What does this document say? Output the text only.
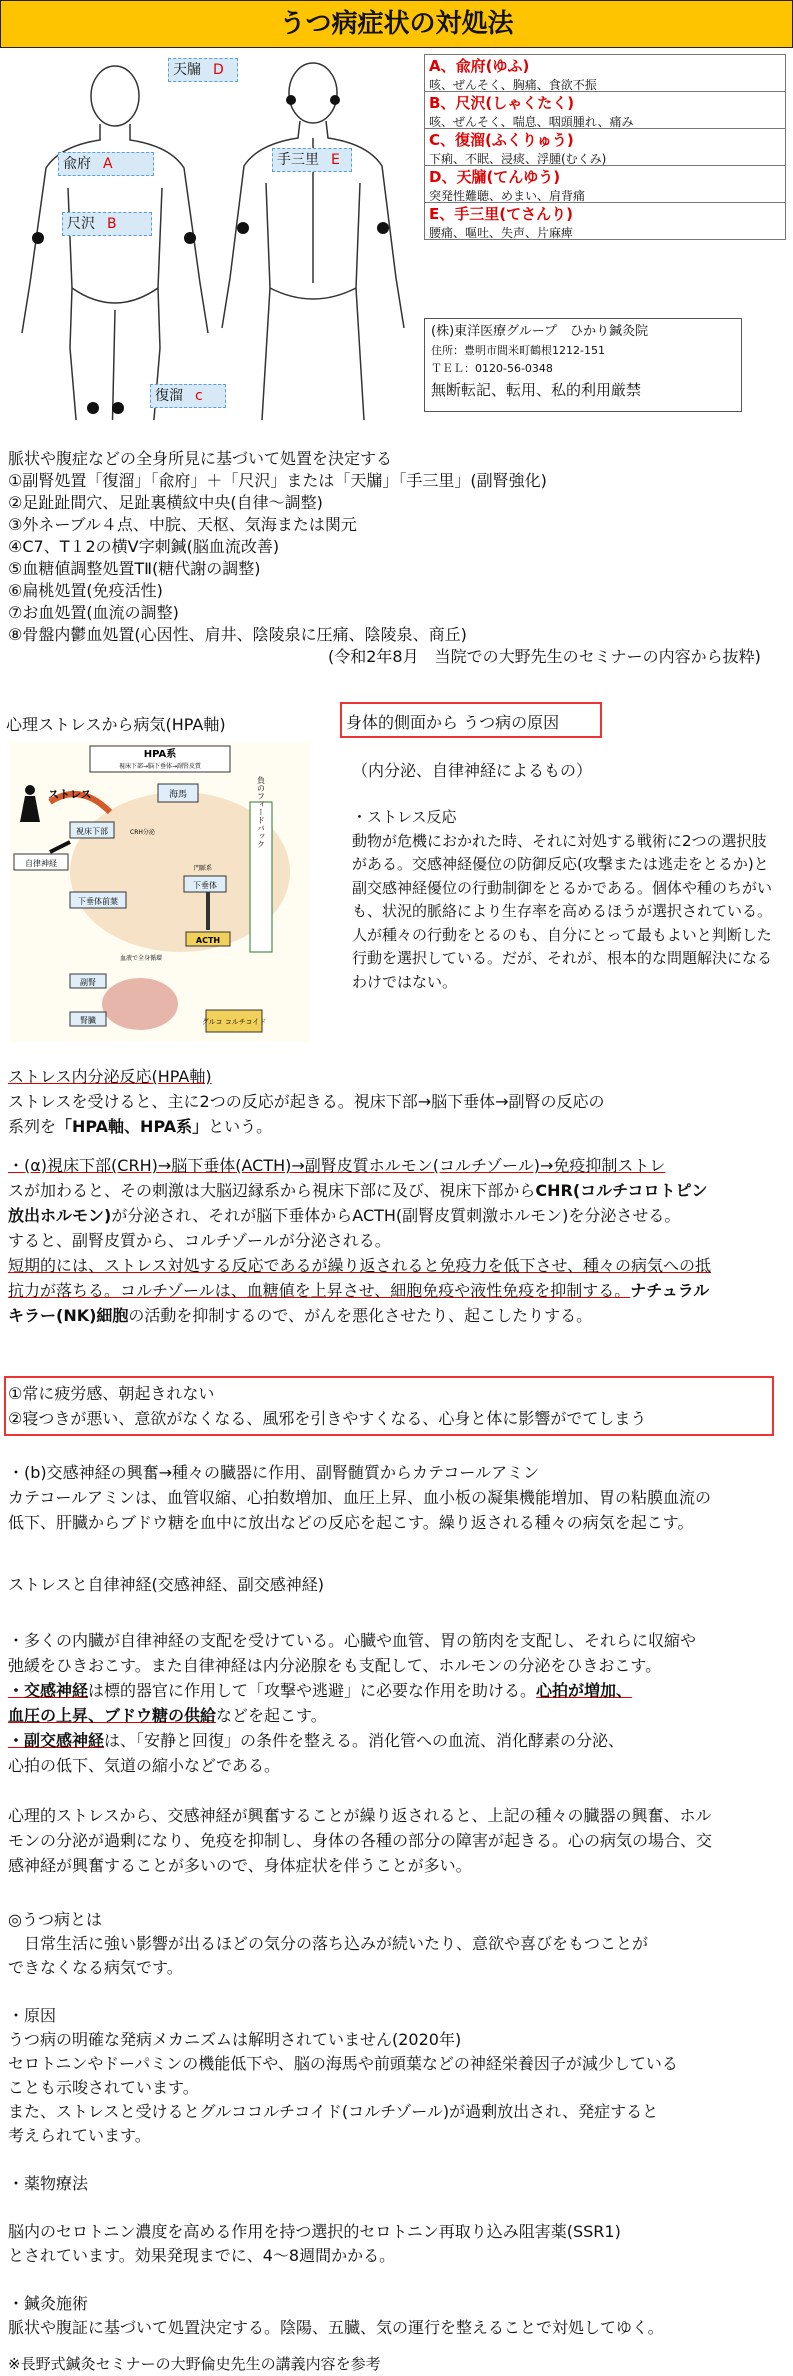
うつ病症状の対処法
天牖 D
兪府 A
尺沢 B
復溜 c
手三里 E
A、兪府(ゆふ)
咳、ぜんそく、胸痛、食欲不振
B、尺沢(しゃくたく)
咳、ぜんそく、喘息、咽頭腫れ、痛み
C、復溜(ふくりゅう)
下痢、不眠、浸痰、浮腫(むくみ)
D、天牖(てんゆう)
突発性難聴、めまい、肩背痛
E、手三里(てさんり)
腰痛、嘔吐、失声、片麻痺
(株)東洋医療グループ　ひかり鍼灸院
住所：豊明市間米町鶴根1212-151
ＴＥＬ：0120-56-0348
無断転記、転用、私的利用厳禁

脈状や腹症などの全身所見に基づいて処置を決定する

①副腎処置「復溜」「兪府」＋「尺沢」または「天牖」「手三里」(副腎強化)

②足趾趾間穴、足趾裏横紋中央(自律～調整)

③外ネーブル４点、中脘、天枢、気海または関元

④C7、T１2の横V字刺鍼(脳血流改善)

⑤血糖値調整処置TⅡ(糖代謝の調整)

⑥扁桃処置(免疫活性)

⑦お血処置(血流の調整)

⑧骨盤内鬱血処置(心因性、肩井、陰陵泉に圧痛、陰陵泉、商丘)

(令和2年8月　当院での大野先生のセミナーの内容から抜粋)

心理ストレスから病気(HPA軸)
HPA系
視床下部→脳下垂体→副腎皮質
ストレス	海馬
視床下部	CRH分泌
自律神経
門脈系
下垂体
下垂体前葉
負のフィードバック
ACTH
血液で全身循環
副腎
腎臓	グルコ コルチコイド
身体的側面から うつ病の原因
（内分泌、自律神経によるもの）
・ストレス反応
動物が危機におかれた時、それに対処する戦術に2つの選択肢がある。交感神経優位の防御反応(攻撃または逃走をとるか)と副交感神経優位の行動制御をとるかである。個体や種のちがいも、状況的脈絡により生存率を高めるほうが選択されている。人が種々の行動をとるのも、自分にとって最もよいと判断した行動を選択している。だが、それが、根本的な問題解決になるわけではない。

ストレス内分泌反応(HPA軸)

ストレスを受けると、主に2つの反応が起きる。視床下部→脳下垂体→副腎の反応の

系列を「HPA軸、HPA系」という。

・(α)視床下部(CRH)→脳下垂体(ACTH)→副腎皮質ホルモン(コルチゾール)→免疫抑制ストレ

スが加わると、その刺激は大脳辺縁系から視床下部に及び、視床下部からCHR(コルチコロトピン

放出ホルモン)が分泌され、それが脳下垂体からACTH(副腎皮質刺激ホルモン)を分泌させる。

すると、副腎皮質から、コルチゾールが分泌される。

短期的には、ストレス対処する反応であるが繰り返されると免疫力を低下させ、種々の病気への抵

抗力が落ちる。コルチゾールは、血糖値を上昇させ、細胞免疫や液性免疫を抑制する。ナチュラル

キラー(NK)細胞の活動を抑制するので、がんを悪化させたり、起こしたりする。

①常に疲労感、朝起きれない

②寝つきが悪い、意欲がなくなる、風邪を引きやすくなる、心身と体に影響がでてしまう

・(b)交感神経の興奮→種々の臓器に作用、副腎髄質からカテコールアミン

カテコールアミンは、血管収縮、心拍数増加、血圧上昇、血小板の凝集機能増加、胃の粘膜血流の

低下、肝臓からブドウ糖を血中に放出などの反応を起こす。繰り返される種々の病気を起こす。

ストレスと自律神経(交感神経、副交感神経)

・多くの内臓が自律神経の支配を受けている。心臓や血管、胃の筋肉を支配し、それらに収縮や

弛緩をひきおこす。また自律神経は内分泌腺をも支配して、ホルモンの分泌をひきおこす。

・交感神経は標的器官に作用して「攻撃や逃避」に必要な作用を助ける。心拍が増加、

血圧の上昇、ブドウ糖の供給などを起こす。

・副交感神経は、「安静と回復」の条件を整える。消化管への血流、消化酵素の分泌、

心拍の低下、気道の縮小などである。

心理的ストレスから、交感神経が興奮することが繰り返されると、上記の種々の臓器の興奮、ホル

モンの分泌が過剰になり、免疫を抑制し、身体の各種の部分の障害が起きる。心の病気の場合、交

感神経が興奮することが多いので、身体症状を伴うことが多い。

◎うつ病とは

　日常生活に強い影響が出るほどの気分の落ち込みが続いたり、意欲や喜びをもつことが

できなくなる病気です。

・原因

うつ病の明確な発病メカニズムは解明されていません(2020年)

セロトニンやドーパミンの機能低下や、脳の海馬や前頭葉などの神経栄養因子が減少している

ことも示唆されています。

また、ストレスと受けるとグルココルチコイド(コルチゾール)が過剰放出され、発症すると

考えられています。

・薬物療法

脳内のセロトニン濃度を高める作用を持つ選択的セロトニン再取り込み阻害薬(SSR1)

とされています。効果発現までに、4～8週間かかる。

・鍼灸施術

脈状や腹証に基づいて処置決定する。陰陽、五臓、気の運行を整えることで対処してゆく。

※長野式鍼灸セミナーの大野倫史先生の講義内容を参考
